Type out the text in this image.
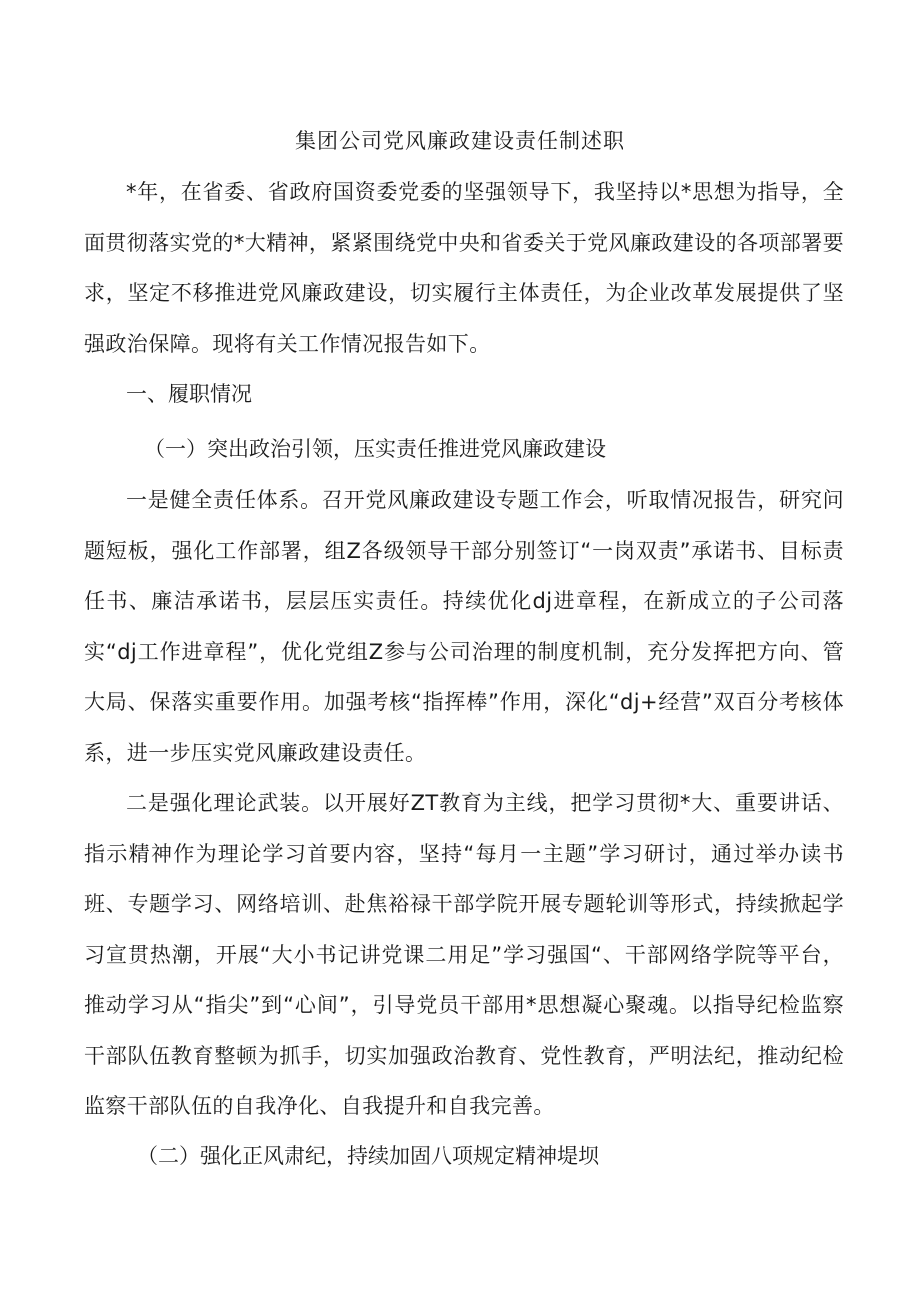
集团公司党风廉政建设责任制述职

*年，在省委、省政府国资委党委的坚强领导下，我坚持以*思想为指导，全面贯彻落实党的*大精神，紧紧围绕党中央和省委关于党风廉政建设的各项部署要求，坚定不移推进党风廉政建设，切实履行主体责任，为企业改革发展提供了坚强政治保障。现将有关工作情况报告如下。

一、履职情况
（一）突出政治引领，压实责任推进党风廉政建设

一是健全责任体系。召开党风廉政建设专题工作会，听取情况报告，研究问题短板，强化工作部署，组Z各级领导干部分别签订“一岗双责”承诺书、目标责任书、廉洁承诺书，层层压实责任。持续优化dj进章程，在新成立的子公司落实“dj工作进章程”，优化党组Z参与公司治理的制度机制，充分发挥把方向、管大局、保落实重要作用。加强考核“指挥棒”作用，深化“dj+经营”双百分考核体系，进一步压实党风廉政建设责任。

二是强化理论武装。以开展好ZT教育为主线，把学习贯彻*大、重要讲话、指示精神作为理论学习首要内容，坚持“每月一主题”学习研讨，通过举办读书班、专题学习、网络培训、赴焦裕禄干部学院开展专题轮训等形式，持续掀起学习宣贯热潮，开展“大小书记讲党课二用足”学习强国“、干部网络学院等平台，推动学习从“指尖”到“心间”，引导党员干部用*思想凝心聚魂。以指导纪检监察干部队伍教育整顿为抓手，切实加强政治教育、党性教育，严明法纪，推动纪检监察干部队伍的自我净化、自我提升和自我完善。

（二）强化正风肃纪，持续加固八项规定精神堤坝
